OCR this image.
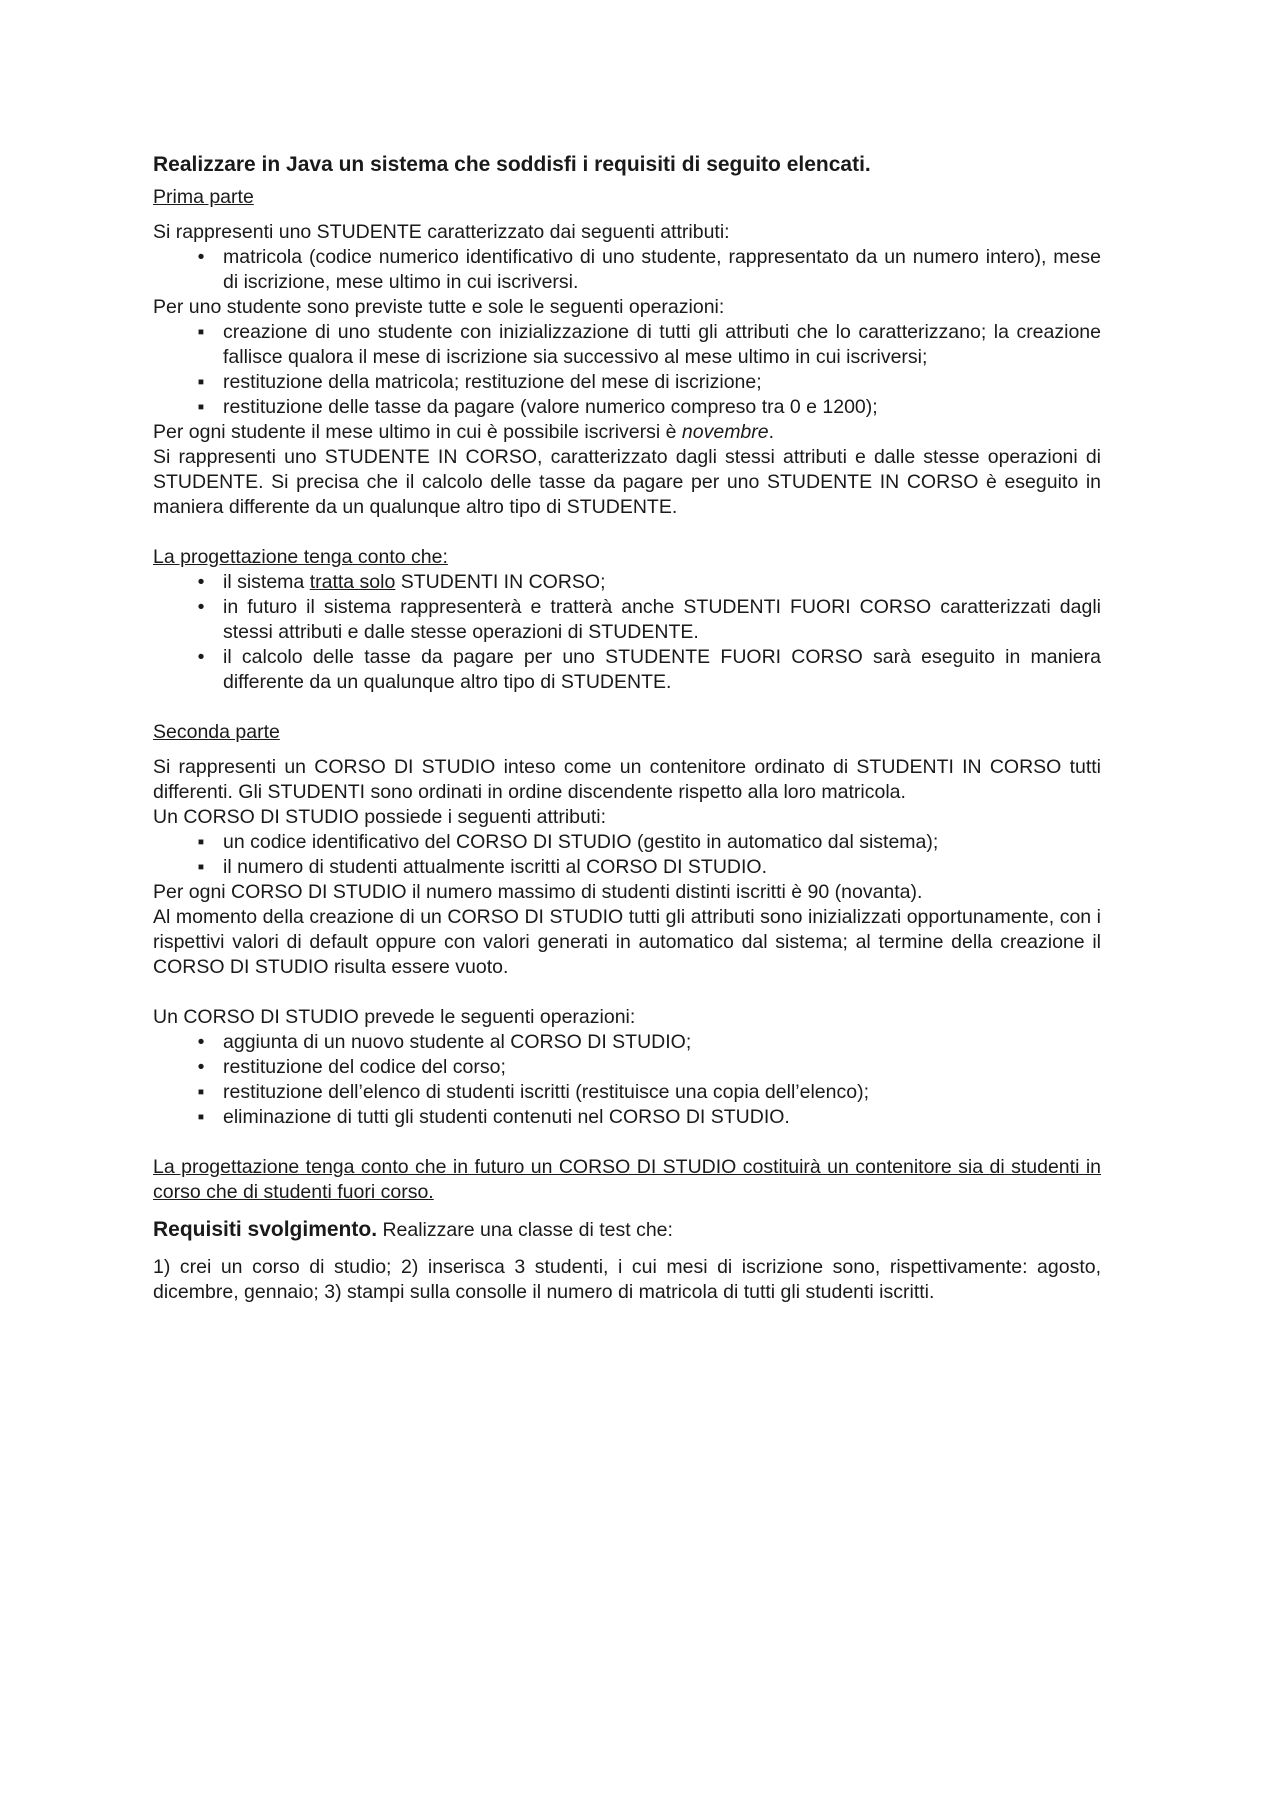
Realizzare in Java un sistema che soddisfi i requisiti di seguito elencati.
Prima parte

Si rappresenti uno STUDENTE caratterizzato dai seguenti attributi:

• matricola (codice numerico identificativo di uno studente, rappresentato da un numero intero), mese di iscrizione, mese ultimo in cui iscriversi.

Per uno studente sono previste tutte e sole le seguenti operazioni:

▪ creazione di uno studente con inizializzazione di tutti gli attributi che lo caratterizzano; la creazione fallisce qualora il mese di iscrizione sia successivo al mese ultimo in cui iscriversi;
▪ restituzione della matricola; restituzione del mese di iscrizione;
▪ restituzione delle tasse da pagare (valore numerico compreso tra 0 e 1200);

Per ogni studente il mese ultimo in cui è possibile iscriversi è novembre.

Si rappresenti uno STUDENTE IN CORSO, caratterizzato dagli stessi attributi e dalle stesse operazioni di STUDENTE. Si precisa che il calcolo delle tasse da pagare per uno STUDENTE IN CORSO è eseguito in maniera differente da un qualunque altro tipo di STUDENTE.

La progettazione tenga conto che:
• il sistema tratta solo STUDENTI IN CORSO;
• in futuro il sistema rappresenterà e tratterà anche STUDENTI FUORI CORSO caratterizzati dagli stessi attributi e dalle stesse operazioni di STUDENTE.
• il calcolo delle tasse da pagare per uno STUDENTE FUORI CORSO sarà eseguito in maniera differente da un qualunque altro tipo di STUDENTE.
Seconda parte

Si rappresenti un CORSO DI STUDIO inteso come un contenitore ordinato di STUDENTI IN CORSO tutti differenti. Gli STUDENTI sono ordinati in ordine discendente rispetto alla loro matricola.

Un CORSO DI STUDIO possiede i seguenti attributi:

▪ un codice identificativo del CORSO DI STUDIO (gestito in automatico dal sistema);
▪ il numero di studenti attualmente iscritti al CORSO DI STUDIO.

Per ogni CORSO DI STUDIO il numero massimo di studenti distinti iscritti è 90 (novanta).

Al momento della creazione di un CORSO DI STUDIO tutti gli attributi sono inizializzati opportunamente, con i rispettivi valori di default oppure con valori generati in automatico dal sistema; al termine della creazione il CORSO DI STUDIO risulta essere vuoto.

Un CORSO DI STUDIO prevede le seguenti operazioni:

• aggiunta di un nuovo studente al CORSO DI STUDIO;
• restituzione del codice del corso;
▪ restituzione dell’elenco di studenti iscritti (restituisce una copia dell’elenco);
▪ eliminazione di tutti gli studenti contenuti nel CORSO DI STUDIO.

La progettazione tenga conto che in futuro un CORSO DI STUDIO costituirà un contenitore sia di studenti in corso che di studenti fuori corso.

Requisiti svolgimento. Realizzare una classe di test che:

1) crei un corso di studio; 2) inserisca 3 studenti, i cui mesi di iscrizione sono, rispettivamente: agosto, dicembre, gennaio; 3) stampi sulla consolle il numero di matricola di tutti gli studenti iscritti.
